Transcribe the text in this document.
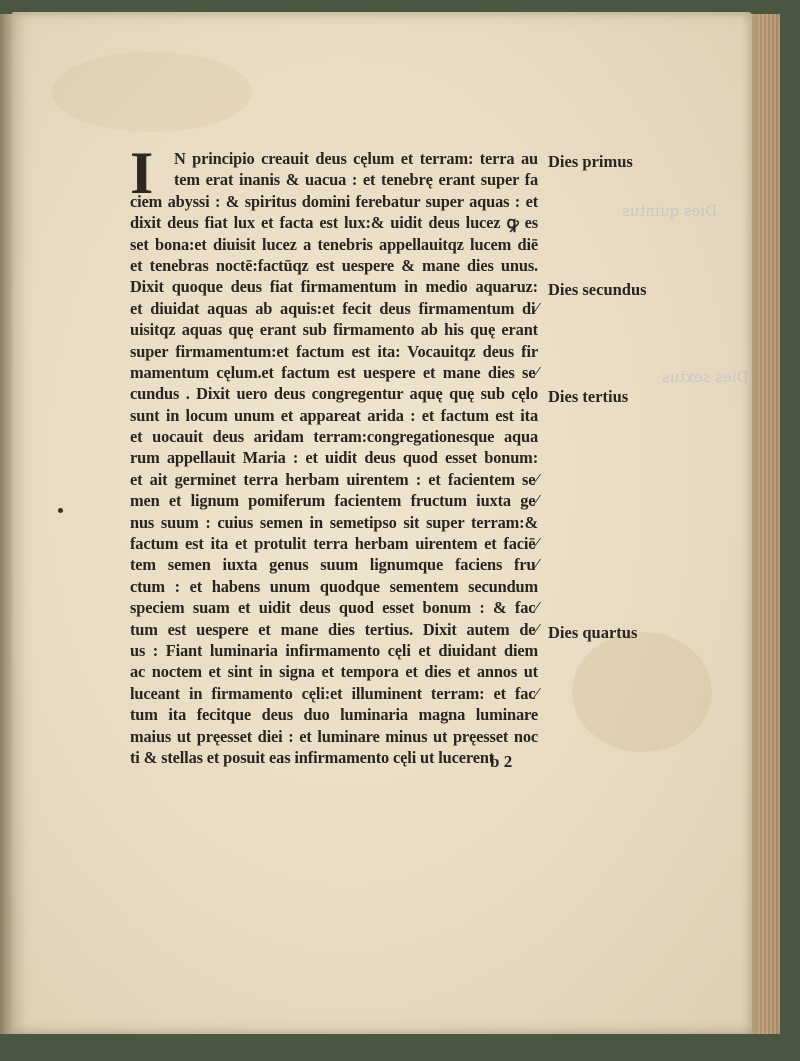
Dies quintus
Dies sextus
I	N principio creauit deus cęlum et terram: terra au
tem erat inanis & uacua : et tenebrę erant super fa
ciem abyssi : & spiritus domini ferebatur super aquas : et
dixit deus fiat lux et facta est lux:& uidit deus lucez ꝙ es
set bona:et diuisit lucez a tenebris appellauitqz lucem diē
et tenebras noctē:factūqz est uespere & mane dies unus.
Dixit quoque deus fiat firmamentum in medio aquaruz:
et diuidat aquas ab aquis:et fecit deus firmamentum di⁄
uisitqz aquas quę erant sub firmamento ab his quę erant
super firmamentum:et factum est ita: Vocauitqz deus fir
mamentum cęlum.et factum est uespere et mane dies se⁄
cundus . Dixit uero deus congregentur aquę quę sub cęlo
sunt in locum unum et appareat arida : et factum est ita
et uocauit deus aridam terram:congregationesque aqua
rum appellauit Maria : et uidit deus quod esset bonum:
et ait germinet terra herbam uirentem : et facientem se⁄
men et lignum pomiferum facientem fructum iuxta ge⁄
nus suum : cuius semen in semetipso sit super terram:&
factum est ita et protulit terra herbam uirentem et faciē⁄
tem semen iuxta genus suum lignumque faciens fru⁄
ctum : et habens unum quodque sementem secundum
speciem suam et uidit deus quod esset bonum : & fac⁄
tum est uespere et mane dies tertius. Dixit autem de⁄
us : Fiant luminaria infirmamento cęli et diuidant diem
ac noctem et sint in signa et tempora et dies et annos ut
luceant in firmamento cęli:et illuminent terram: et fac⁄
tum ita fecitque deus duo luminaria magna luminare
maius ut pręesset diei : et luminare minus ut pręesset noc
ti & stellas et posuit eas infirmamento cęli ut lucerent
Dies primus
Dies secundus
Dies tertius
Dies quartus
b 2
